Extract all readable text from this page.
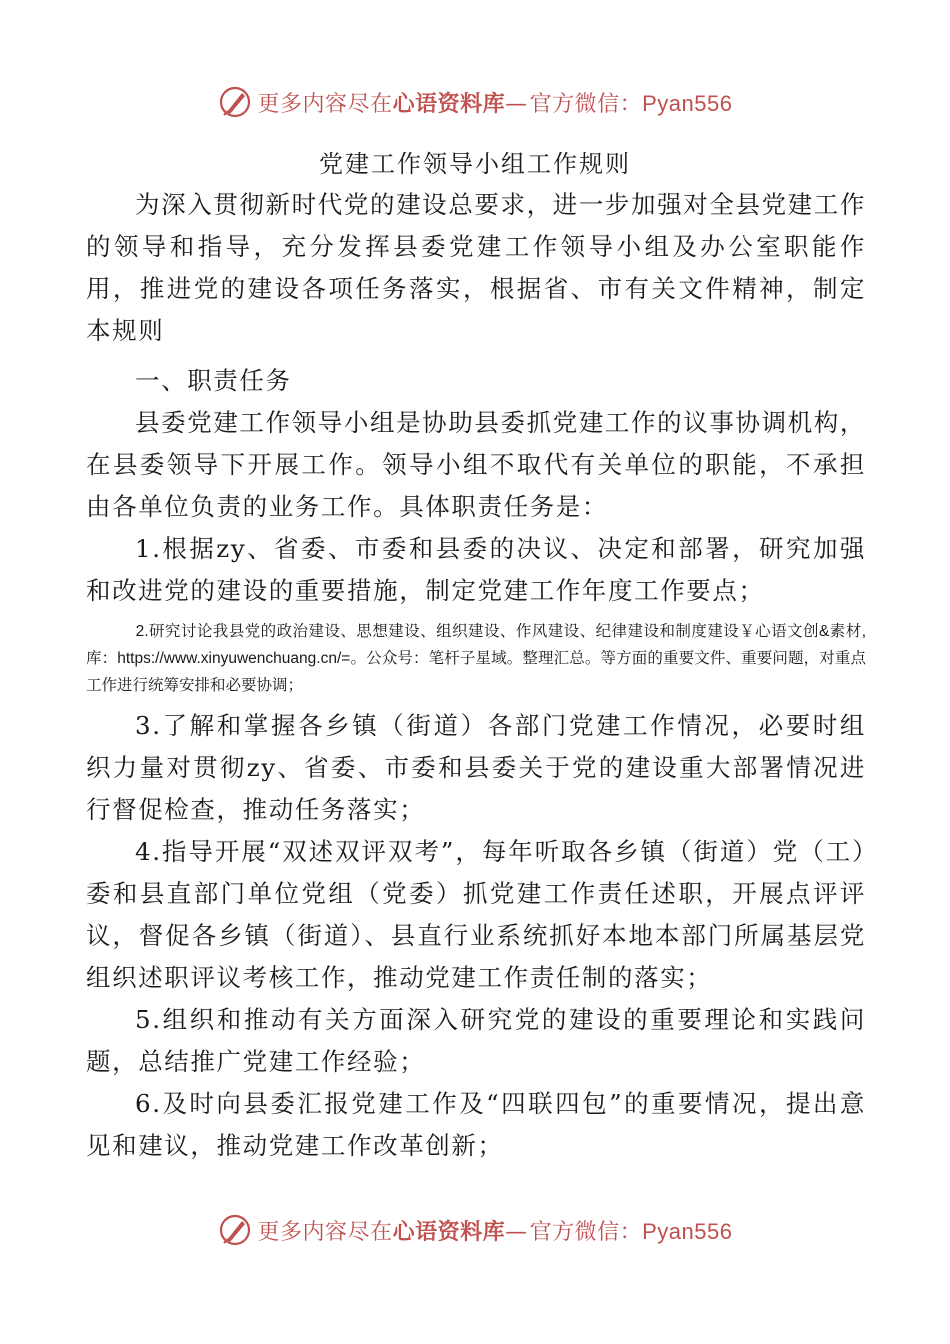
更多内容尽在心语资料库—官方微信：Pyan556
党建工作领导小组工作规则

为深入贯彻新时代党的建设总要求，进一步加强对全县党建工作的领导和指导，充分发挥县委党建工作领导小组及办公室职能作用，推进党的建设各项任务落实，根据省、市有关文件精神，制定本规则

一、职责任务

县委党建工作领导小组是协助县委抓党建工作的议事协调机构，在县委领导下开展工作。领导小组不取代有关单位的职能，不承担由各单位负责的业务工作。具体职责任务是：

1.根据zy、省委、市委和县委的决议、决定和部署，研究加强和改进党的建设的重要措施，制定党建工作年度工作要点；

2.研究讨论我县党的政治建设、思想建设、组织建设、作风建设、纪律建设和制度建设￥心语文创&素材,库：https://www.xinyuwenchuang.cn/=。公众号：笔杆子星域。整理汇总。等方面的重要文件、重要问题，对重点工作进行统筹安排和必要协调；

3.了解和掌握各乡镇（街道）各部门党建工作情况，必要时组织力量对贯彻zy、省委、市委和县委关于党的建设重大部署情况进行督促检查，推动任务落实；

4.指导开展“双述双评双考”，每年听取各乡镇（街道）党（工）委和县直部门单位党组（党委）抓党建工作责任述职，开展点评评议，督促各乡镇（街道）、县直行业系统抓好本地本部门所属基层党组织述职评议考核工作，推动党建工作责任制的落实；

5.组织和推动有关方面深入研究党的建设的重要理论和实践问题，总结推广党建工作经验；

6.及时向县委汇报党建工作及“四联四包”的重要情况，提出意见和建议，推动党建工作改革创新；

更多内容尽在心语资料库—官方微信：Pyan556
